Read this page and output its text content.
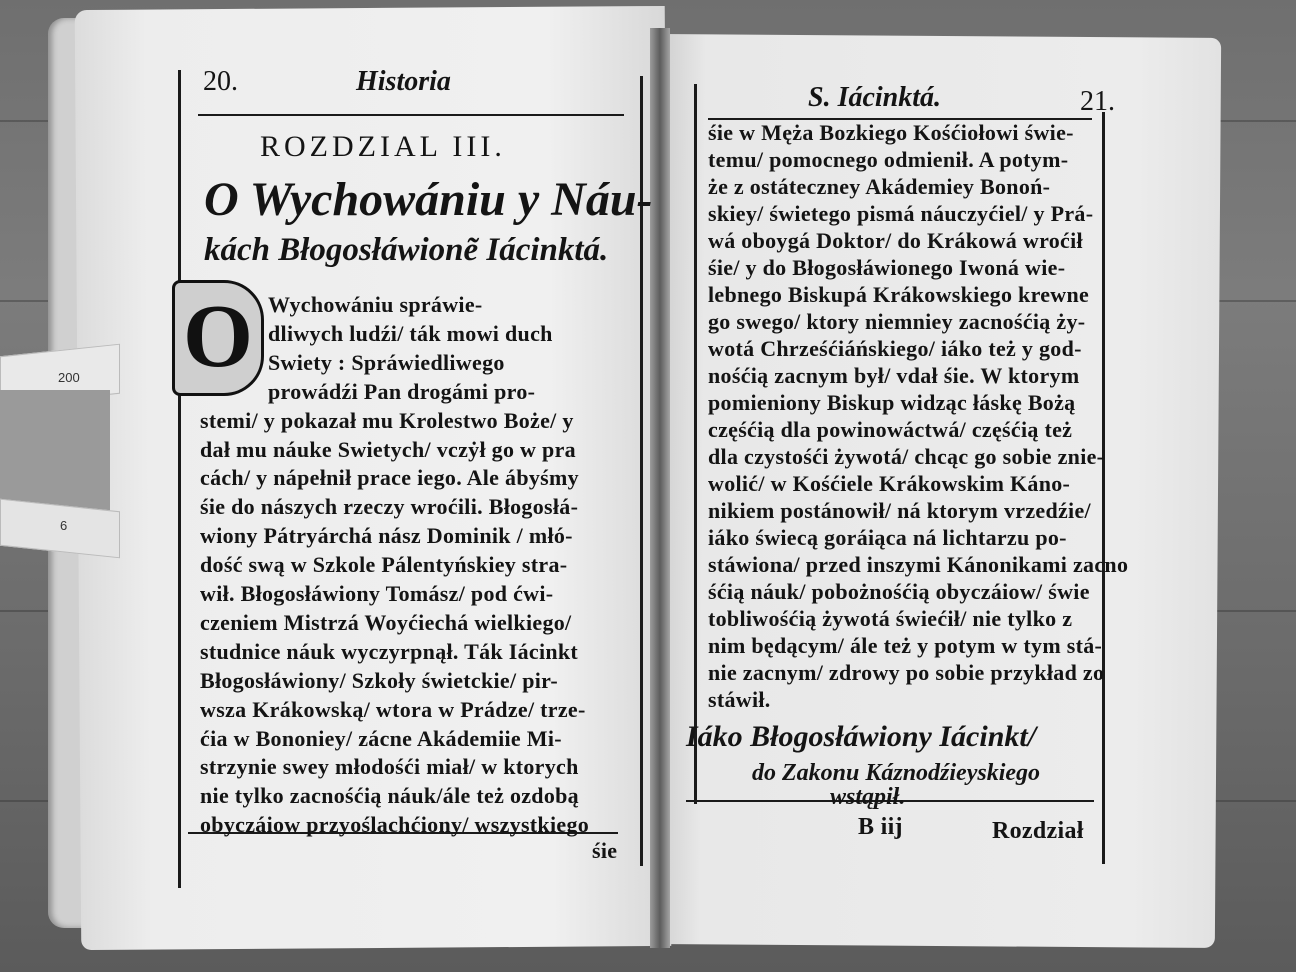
200
6
20.	Historia
ROZDZIAL III.
O Wychowániu y Náu-
kách Błogosłáwionẽ Iácinktá.
O Wychowániu spráwie-
dliwych ludźi/ ták mowi duch
Swiety : Spráwiedliwego
prowádźi Pan drogámi pro-
stemi/ y pokazał mu Krolestwo Boże/ y
dał mu náuke Swietych/ vczẏł go w pra
cách/ y nápełnił prace iego. Ale ábyśmy
śie do nászych rzeczy wroćili. Błogosłá-
wiony Pátryárchá nász Dominik / młó-
dość swą w Szkole Pálentyńskiey stra-
wił. Błogosłáwiony Tomász/ pod ćwi-
czeniem Mistrzá Woyćiechá wielkiego/
studnice náuk wyczyrpnął. Ták Iácinkt
Błogosłáwiony/ Szkoły świetckie/ pir-
wsza Krákowską/ wtora w Prádze/ trze-
ćia w Bononiey/ zácne Akádemiie Mi-
strzynie swey młodośći miał/ w ktorych
nie tylko zacnośćią náuk/ále też ozdobą
obyczáiow przyoślachćiony/ wszystkiego
śie
S. Iácinktá.	21.
śie w Męża Bozkiego Kośćiołowi świe-
temu/ pomocnego odmienił. A potym-
że z ostáteczney Akádemiey Bonoń-
skiey/ świetego pismá náuczyćiel/ y Prá-
wá oboygá Doktor/ do Krákowá wroćił
śie/ y do Błogosłáwionego Iwoná wie-
lebnego Biskupá Krákowskiego krewne
go swego/ ktory niemniey zacnośćią ży-
wotá Chrześćiáńskiego/ iáko też y god-
nośćią zacnym był/ vdał śie. W ktorym
pomieniony Biskup widząc łáskę Bożą
częśćią dla powinowáctwá/ częśćią też
dla czystośći żywotá/ chcąc go sobie znie-
wolić/ w Kośćiele Krákowskim Káno-
nikiem postánowił/ ná ktorym vrzedźie/
iáko świecą goráiąca ná lichtarzu po-
stáwiona/ przed inszymi Kánonikami zacno
śćią náuk/ pobożnośćią obyczáiow/ świe
tobliwośćią żywotá świećił/ nie tylko z
nim będącym/ ále też y potym w tym stá-
nie zacnym/ zdrowy po sobie przykład zo
stáwił.
Iáko Błogosłáwiony Iácinkt/
do Zakonu Káznodźieyskiego
wstąpił.
B iij	Rozdział
